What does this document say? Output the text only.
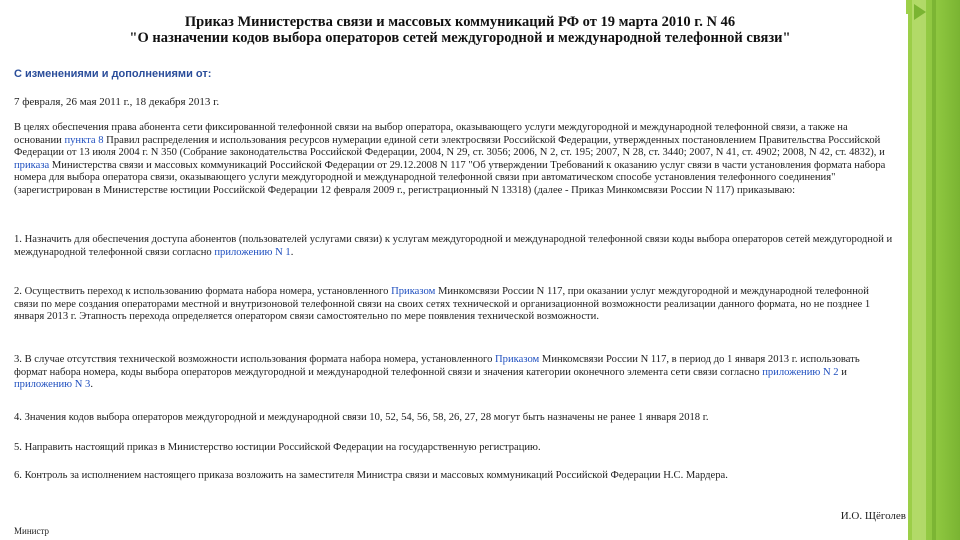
Приказ Министерства связи и массовых коммуникаций РФ от 19 марта 2010 г. N 46
"О назначении кодов выбора операторов сетей междугородной и международной телефонной связи"

С изменениями и дополнениями от:
7 февраля, 26 мая 2011 г., 18 декабря 2013 г.

В целях обеспечения права абонента сети фиксированной телефонной связи на выбор оператора, оказывающего услуги междугородной и международной телефонной связи, а также на основании пункта 8 Правил распределения и использования ресурсов нумерации единой сети электросвязи Российской Федерации, утвержденных постановлением Правительства Российской Федерации от 13 июля 2004 г. N 350 (Собрание законодательства Российской Федерации, 2004, N 29, ст. 3056; 2006, N 2, ст. 195; 2007, N 28, ст. 3440; 2007, N 41, ст. 4902; 2008, N 42, ст. 4832), и приказа Министерства связи и массовых коммуникаций Российской Федерации от 29.12.2008 N 117 "Об утверждении Требований к оказанию услуг связи в части установления формата набора номера для выбора оператора связи, оказывающего услуги междугородной и международной телефонной связи при автоматическом способе установления телефонного соединения" (зарегистрирован в Министерстве юстиции Российской Федерации 12 февраля 2009 г., регистрационный N 13318) (далее - Приказ Минкомсвязи России N 117) приказываю:

1. Назначить для обеспечения доступа абонентов (пользователей услугами связи) к услугам междугородной и международной телефонной связи коды выбора операторов сетей междугородной и международной телефонной связи согласно приложению N 1.

2. Осуществить переход к использованию формата набора номера, установленного Приказом Минкомсвязи России N 117, при оказании услуг междугородной и международной телефонной связи по мере создания операторами местной и внутризоновой телефонной связи на своих сетях технической и организационной возможности реализации данного формата, но не позднее 1 января 2013 г. Этапность перехода определяется оператором связи самостоятельно по мере появления технической возможности.

3. В случае отсутствия технической возможности использования формата набора номера, установленного Приказом Минкомсвязи России N 117, в период до 1 января 2013 г. использовать формат набора номера, коды выбора операторов междугородной и международной телефонной связи и значения категории оконечного элемента сети связи согласно приложению N 2 и приложению N 3.

4. Значения кодов выбора операторов междугородной и международной связи 10, 52, 54, 56, 58, 26, 27, 28 могут быть назначены не ранее 1 января 2018 г.

5. Направить настоящий приказ в Министерство юстиции Российской Федерации на государственную регистрацию.

6. Контроль за исполнением настоящего приказа возложить на заместителя Министра связи и массовых коммуникаций Российской Федерации Н.С. Мардера.

И.О. Щёголев
Министр
